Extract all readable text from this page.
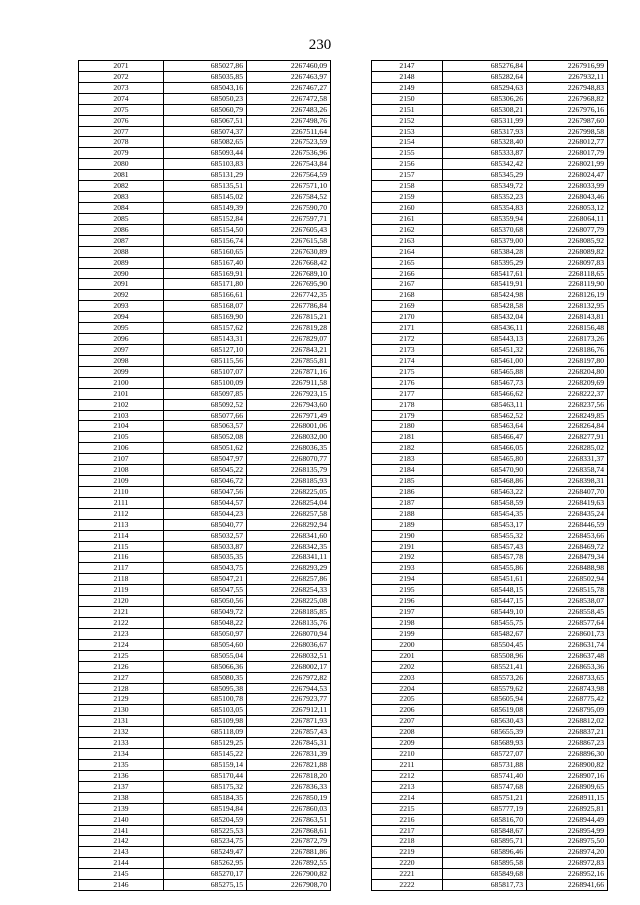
230
2071	685027,86	2267460,09
2072	685035,85	2267463,97
2073	685043,16	2267467,27
2074	685050,23	2267472,58
2075	685060,79	2267483,26
2076	685067,51	2267498,76
2077	685074,37	2267511,64
2078	685082,65	2267523,59
2079	685093,44	2267536,96
2080	685103,83	2267543,84
2081	685131,29	2267564,59
2082	685135,51	2267571,10
2083	685145,02	2267584,52
2084	685149,39	2267590,70
2085	685152,84	2267597,71
2086	685154,50	2267605,43
2087	685156,74	2267615,58
2088	685160,65	2267630,89
2089	685167,40	2267668,42
2090	685169,91	2267689,10
2091	685171,80	2267695,90
2092	685166,61	2267742,35
2093	685168,07	2267786,84
2094	685169,90	2267815,21
2095	685157,62	2267819,28
2096	685143,31	2267829,07
2097	685127,10	2267843,21
2098	685115,56	2267855,81
2099	685107,07	2267871,16
2100	685100,09	2267911,58
2101	685097,85	2267923,15
2102	685092,52	2267943,60
2103	685077,66	2267971,49
2104	685063,57	2268001,06
2105	685052,08	2268032,00
2106	685051,62	2268036,35
2107	685047,97	2268070,77
2108	685045,22	2268135,79
2109	685046,72	2268185,93
2110	685047,56	2268225,05
2111	685044,57	2268254,04
2112	685044,23	2268257,58
2113	685040,77	2268292,94
2114	685032,57	2268341,60
2115	685033,87	2268342,35
2116	685035,35	2268341,11
2117	685043,75	2268293,29
2118	685047,21	2268257,86
2119	685047,55	2268254,33
2120	685050,56	2268225,08
2121	685049,72	2268185,85
2122	685048,22	2268135,76
2123	685050,97	2268070,94
2124	685054,60	2268036,67
2125	685055,04	2268032,51
2126	685066,36	2268002,17
2127	685080,35	2267972,82
2128	685095,38	2267944,53
2129	685100,78	2267923,77
2130	685103,05	2267912,11
2131	685109,98	2267871,93
2132	685118,09	2267857,43
2133	685129,25	2267845,31
2134	685145,22	2267831,39
2135	685159,14	2267821,88
2136	685170,44	2267818,20
2137	685175,32	2267836,33
2138	685184,35	2267850,19
2139	685194,84	2267860,03
2140	685204,59	2267863,51
2141	685225,53	2267868,61
2142	685234,75	2267872,79
2143	685249,47	2267881,86
2144	685262,95	2267892,55
2145	685270,17	2267900,82
2146	685275,15	2267908,70
2147	685276,84	2267916,99
2148	685282,64	2267932,11
2149	685294,63	2267948,83
2150	685306,26	2267968,82
2151	685308,21	2267976,16
2152	685311,99	2267987,60
2153	685317,93	2267998,58
2154	685328,40	2268012,77
2155	685333,87	2268017,79
2156	685342,42	2268021,99
2157	685345,29	2268024,47
2158	685349,72	2268033,99
2159	685352,23	2268043,46
2160	685354,83	2268053,12
2161	685359,94	2268064,11
2162	685370,68	2268077,79
2163	685379,00	2268085,92
2164	685384,28	2268089,82
2165	685395,29	2268097,83
2166	685417,61	2268118,65
2167	685419,91	2268119,90
2168	685424,98	2268126,19
2169	685428,58	2268132,95
2170	685432,04	2268143,81
2171	685436,11	2268156,48
2172	685443,13	2268173,26
2173	685451,32	2268186,76
2174	685461,00	2268197,80
2175	685465,88	2268204,80
2176	685467,73	2268209,69
2177	685466,62	2268222,37
2178	685463,11	2268237,56
2179	685462,52	2268249,85
2180	685463,64	2268264,84
2181	685466,47	2268277,91
2182	685466,05	2268285,02
2183	685465,80	2268331,37
2184	685470,90	2268358,74
2185	685468,86	2268398,31
2186	685463,22	2268407,70
2187	685458,59	2268419,63
2188	685454,35	2268435,24
2189	685453,17	2268446,59
2190	685455,32	2268453,66
2191	685457,43	2268469,72
2192	685457,78	2268479,34
2193	685455,86	2268488,98
2194	685451,61	2268502,94
2195	685448,15	2268515,78
2196	685447,15	2268538,07
2197	685449,10	2268558,45
2198	685455,75	2268577,64
2199	685482,67	2268601,73
2200	685504,45	2268631,74
2201	685508,96	2268637,48
2202	685521,41	2268653,36
2203	685573,26	2268733,65
2204	685579,62	2268743,98
2205	685605,94	2268775,42
2206	685619,08	2268795,09
2207	685630,43	2268812,02
2208	685655,39	2268837,21
2209	685689,93	2268867,23
2210	685727,07	2268896,30
2211	685731,88	2268900,82
2212	685741,40	2268907,16
2213	685747,68	2268909,65
2214	685751,21	2268911,15
2215	685777,19	2268925,81
2216	685816,70	2268944,49
2217	685848,67	2268954,99
2218	685895,71	2268975,50
2219	685896,46	2268974,20
2220	685895,58	2268972,83
2221	685849,68	2268952,16
2222	685817,73	2268941,66
